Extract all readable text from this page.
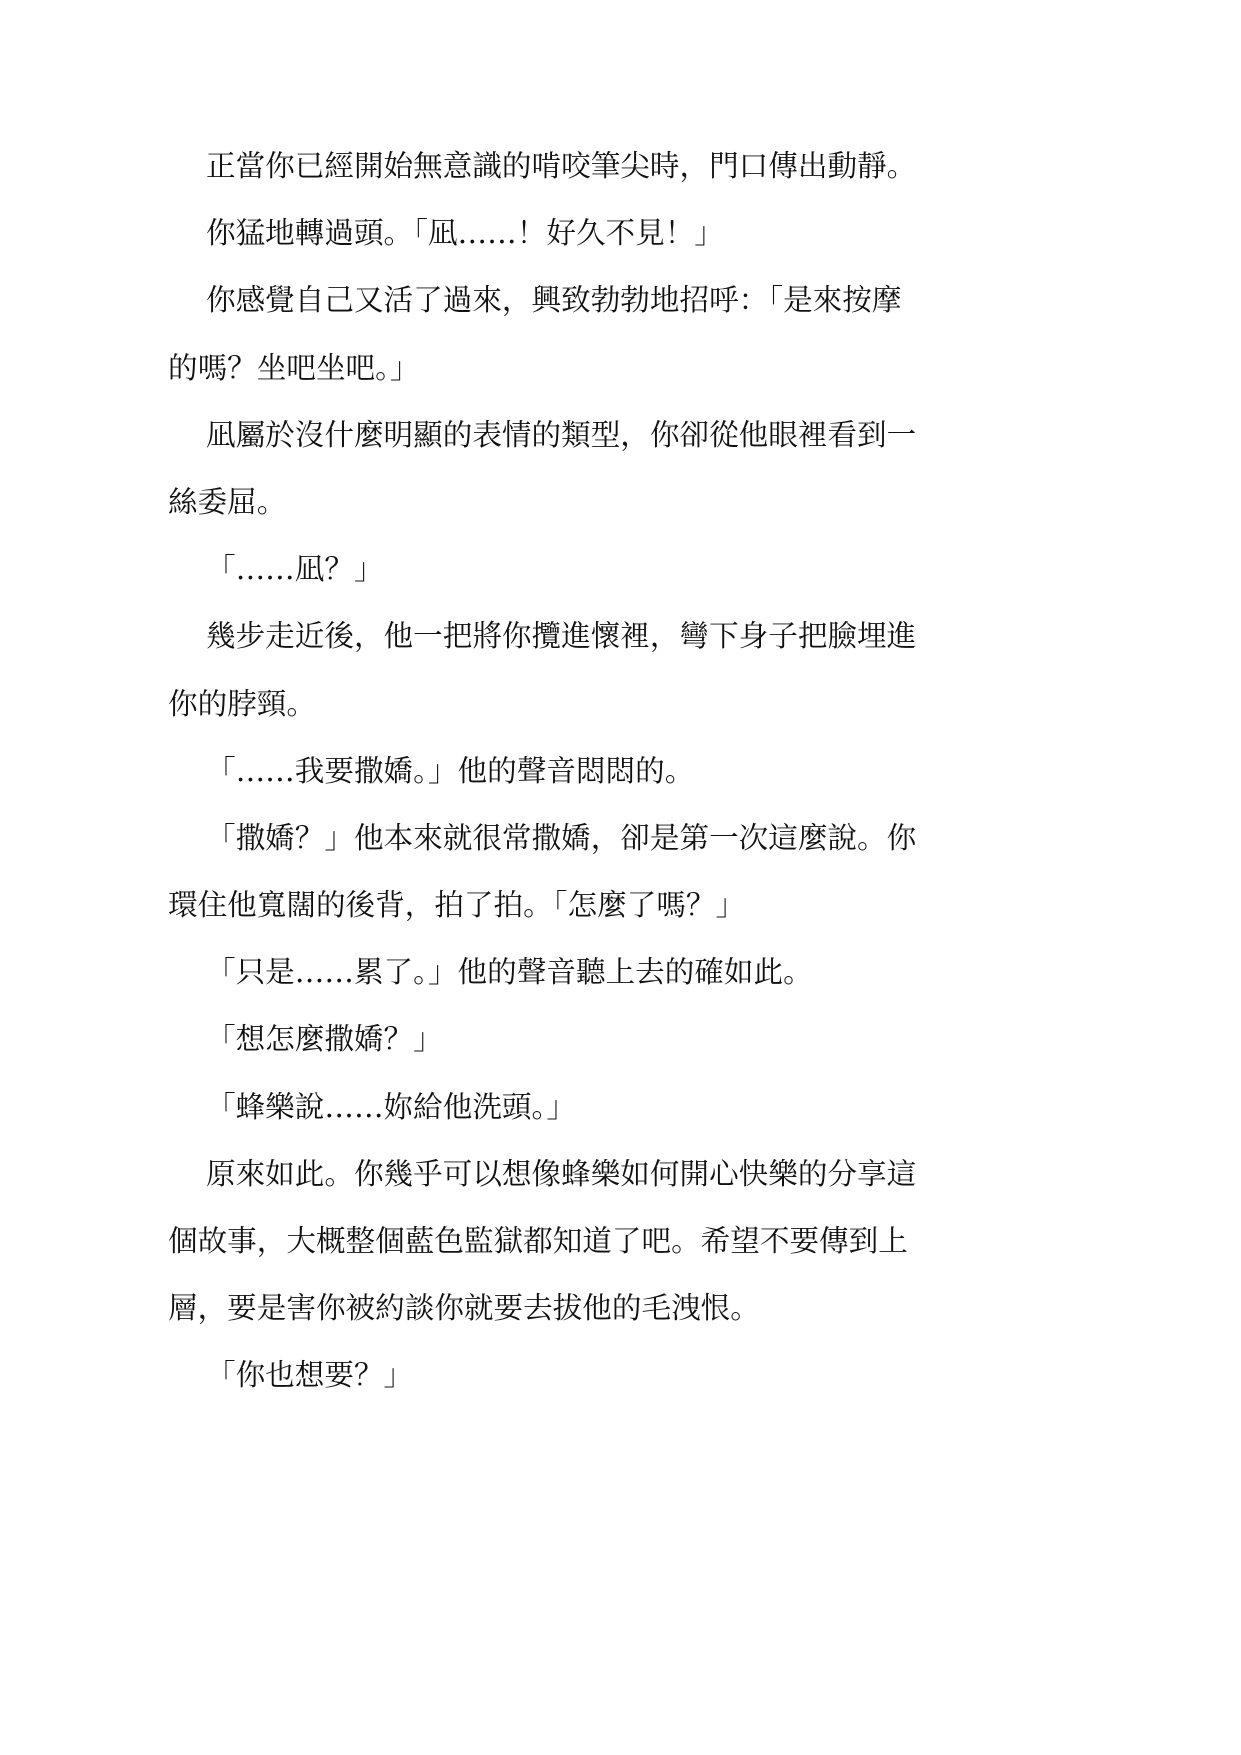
正當你已經開始無意識的啃咬筆尖時，門口傳出動靜。
你猛地轉過頭。「凪……！好久不見！」
你感覺自己又活了過來，興致勃勃地招呼：「是來按摩
的嗎？坐吧坐吧。」
凪屬於沒什麼明顯的表情的類型，你卻從他眼裡看到一
絲委屈。
「……凪？」
幾步走近後，他一把將你攬進懷裡，彎下身子把臉埋進
你的脖頸。
「……我要撒嬌。」他的聲音悶悶的。
「撒嬌？」他本來就很常撒嬌，卻是第一次這麼說。你
環住他寬闊的後背，拍了拍。「怎麼了嗎？」
「只是……累了。」他的聲音聽上去的確如此。
「想怎麼撒嬌？」
「蜂樂說……妳給他洗頭。」
原來如此。你幾乎可以想像蜂樂如何開心快樂的分享這
個故事，大概整個藍色監獄都知道了吧。希望不要傳到上
層，要是害你被約談你就要去拔他的毛洩恨。
「你也想要？」
